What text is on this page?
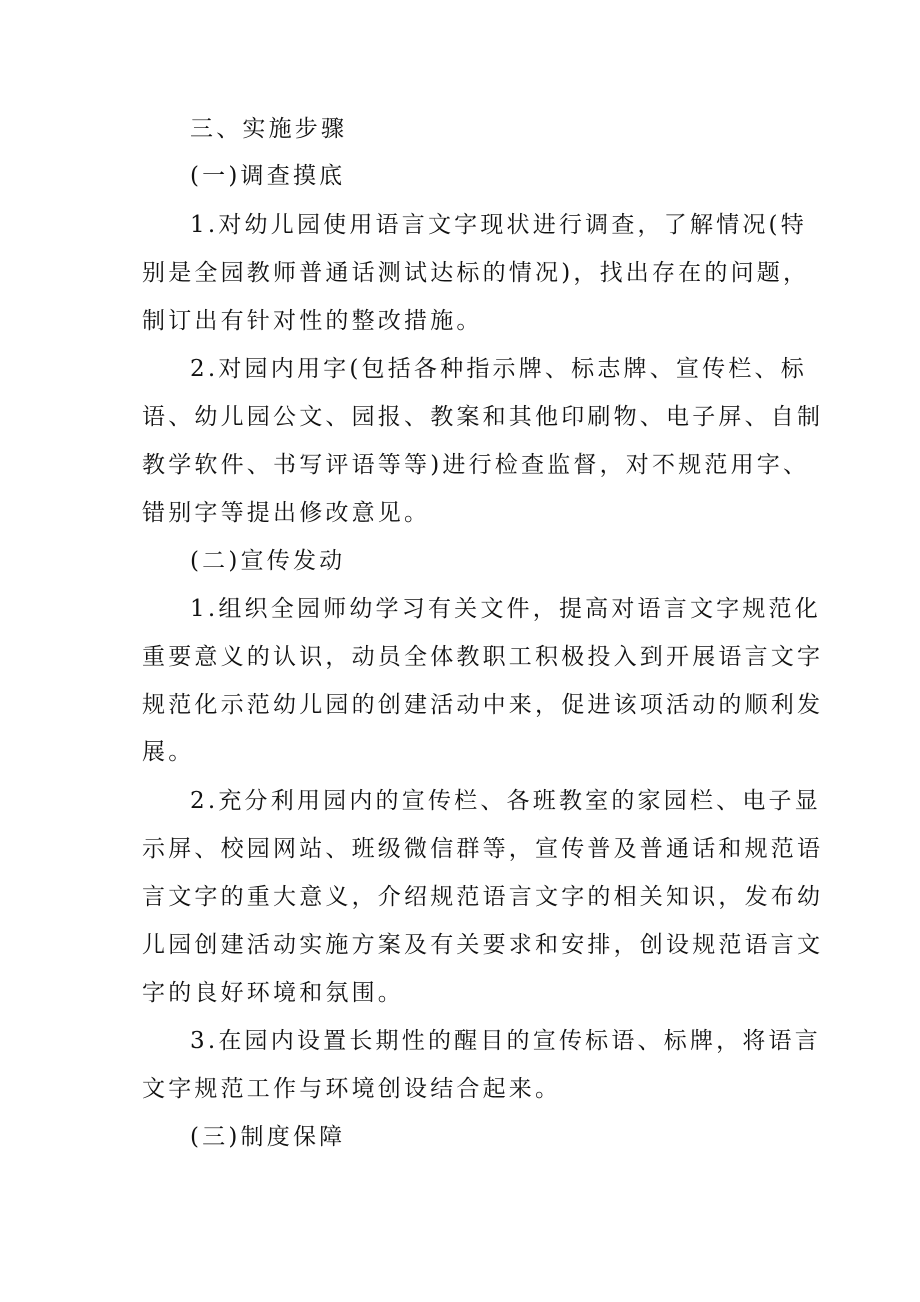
三、实施步骤
(一)调查摸底
1.对幼儿园使用语言文字现状进行调查，了解情况(特
别是全园教师普通话测试达标的情况)，找出存在的问题，
制订出有针对性的整改措施。
2.对园内用字(包括各种指示牌、标志牌、宣传栏、标
语、幼儿园公文、园报、教案和其他印刷物、电子屏、自制
教学软件、书写评语等等)进行检查监督，对不规范用字、
错别字等提出修改意见。
(二)宣传发动
1.组织全园师幼学习有关文件，提高对语言文字规范化
重要意义的认识，动员全体教职工积极投入到开展语言文字
规范化示范幼儿园的创建活动中来，促进该项活动的顺利发
展。
2.充分利用园内的宣传栏、各班教室的家园栏、电子显
示屏、校园网站、班级微信群等，宣传普及普通话和规范语
言文字的重大意义，介绍规范语言文字的相关知识，发布幼
儿园创建活动实施方案及有关要求和安排，创设规范语言文
字的良好环境和氛围。
3.在园内设置长期性的醒目的宣传标语、标牌，将语言
文字规范工作与环境创设结合起来。
(三)制度保障
